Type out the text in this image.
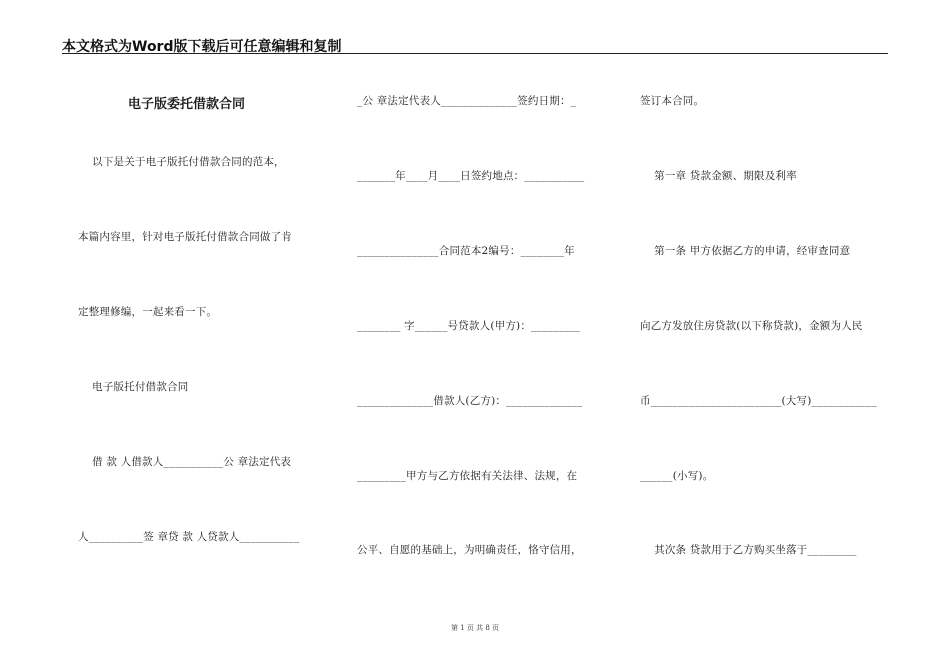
本文格式为Word版下载后可任意编辑和复制
电子版委托借款合同
以下是关于电子版托付借款合同的范本，
本篇内容里，针对电子版托付借款合同做了肯
定整理修编，一起来看一下。
电子版托付借款合同
借 款 人借款人___________公 章法定代表
人__________签 章贷 款 人贷款人___________
_公 章法定代表人______________签约日期：_
_______年____月____日签约地点：___________
_______________合同范本2编号：________年
________ 字______号贷款人(甲方)：_________
______________借款人(乙方)：______________
_________甲方与乙方依据有关法律、法规，在
公平、自愿的基础上，为明确责任，恪守信用，
签订本合同。
第一章 贷款金额、期限及利率
第一条 甲方依据乙方的申请，经审查同意
向乙方发放住房贷款(以下称贷款)，金额为人民
币________________________(大写)____________
______(小写)。
其次条 贷款用于乙方购买坐落于_________
第 1 页 共 8 页
